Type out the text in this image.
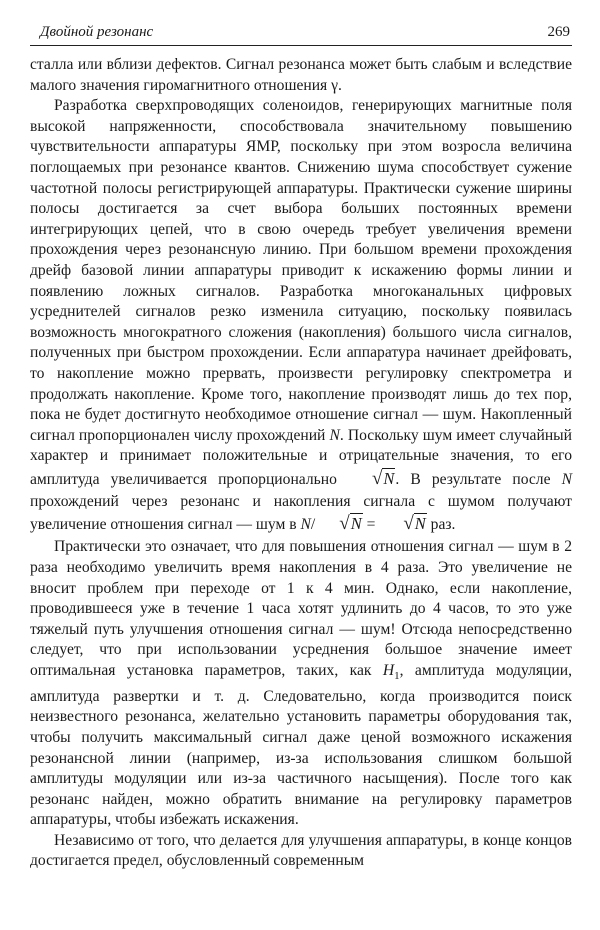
Двойной резонанс	269

сталла или вблизи дефектов. Сигнал резонанса может быть слабым и вследствие малого значения гиромагнитного отношения γ.

Разработка сверхпроводящих соленоидов, генерирующих магнитные поля высокой напряженности, способствовала значительному повышению чувствительности аппаратуры ЯМР, поскольку при этом возросла величина поглощаемых при резонансе квантов. Снижению шума способствует сужение частотной полосы регистрирующей аппаратуры. Практически сужение ширины полосы достигается за счет выбора больших постоянных времени интегрирующих цепей, что в свою очередь требует увеличения времени прохождения через резонансную линию. При большом времени прохождения дрейф базовой линии аппаратуры приводит к искажению формы линии и появлению ложных сигналов. Разработка многоканальных цифровых усреднителей сигналов резко изменила ситуацию, поскольку появилась возможность многократного сложения (накопления) большого числа сигналов, полученных при быстром прохождении. Если аппаратура начинает дрейфовать, то накопление можно прервать, произвести регулировку спектрометра и продолжать накопление. Кроме того, накопление производят лишь до тех пор, пока не будет достигнуто необходимое отношение сигнал — шум. Накопленный сигнал пропорционален числу прохождений N. Поскольку шум имеет случайный характер и принимает положительные и отрицательные значения, то его амплитуда увеличивается пропорционально √N. В результате после N прохождений через резонанс и накопления сигнала с шумом получают увеличение отношения сигнал — шум в N/ √N = √N раз.

Практически это означает, что для повышения отношения сигнал — шум в 2 раза необходимо увеличить время накопления в 4 раза. Это увеличение не вносит проблем при переходе от 1 к 4 мин. Однако, если накопление, проводившееся уже в течение 1 часа хотят удлинить до 4 часов, то это уже тяжелый путь улучшения отношения сигнал — шум! Отсюда непосредственно следует, что при использовании усреднения большое значение имеет оптимальная установка параметров, таких, как $H_1$, амплитуда модуляции, амплитуда развертки и т. д. Следовательно, когда производится поиск неизвестного резонанса, желательно установить параметры оборудования так, чтобы получить максимальный сигнал даже ценой возможного искажения резонансной линии (например, из-за использования слишком большой амплитуды модуляции или из-за частичного насыщения). После того как резонанс найден, можно обратить внимание на регулировку параметров аппаратуры, чтобы избежать искажения.

Независимо от того, что делается для улучшения аппаратуры, в конце концов достигается предел, обусловленный современным
